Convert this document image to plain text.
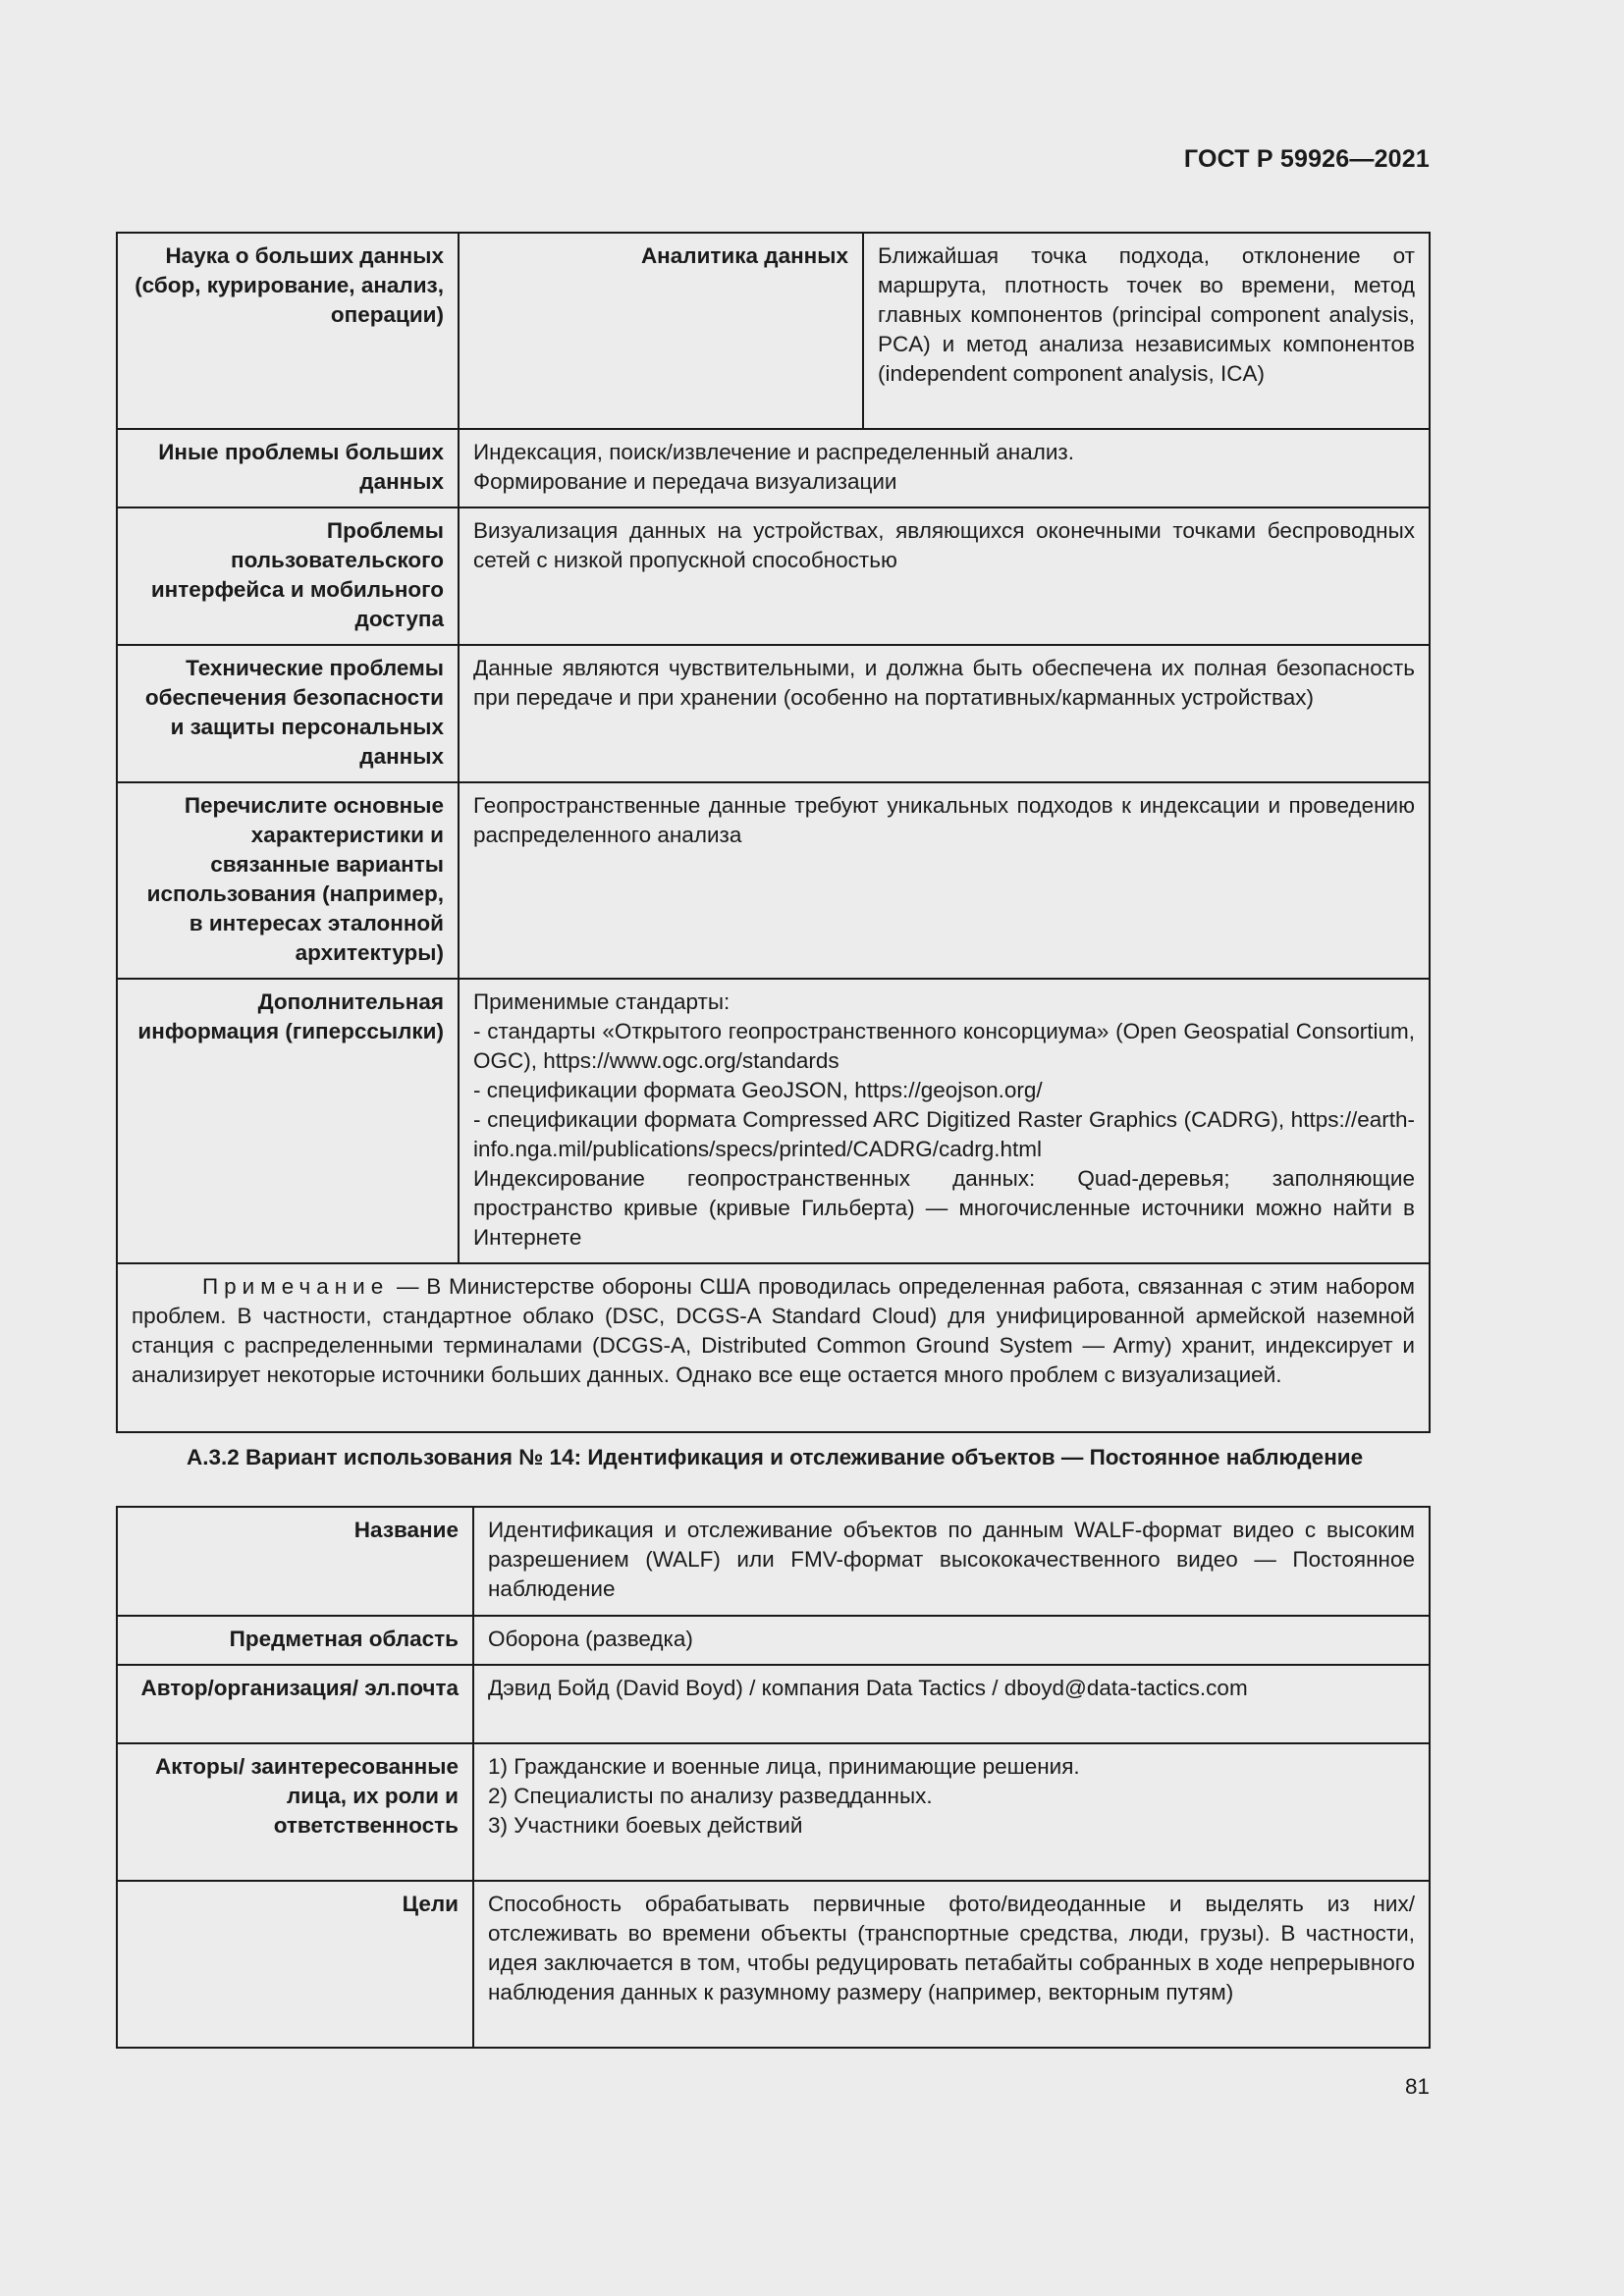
ГОСТ Р 59926—2021
Наука о больших данных (сбор, курирование, анализ, операции)	Аналитика данных	Ближайшая точка подхода, отклонение от маршрута, плотность точек во времени, метод главных компонентов (principal component analysis, PCA) и метод анализа независимых компонентов (independent component analysis, ICA)
Иные проблемы больших данных	Индексация, поиск/извлечение и распределенный анализ.
Формирование и передача визуализации	

Проблемы пользовательского интерфейса и мобильного доступа	Визуализация данных на устройствах, являющихся оконечными точками беспроводных сетей с низкой пропускной способностью	
Технические проблемы обеспечения безопасности и защиты персональных данных	Данные являются чувствительными, и должна быть обеспечена их полная безопасность при передаче и при хранении (особенно на портативных/карманных устройствах)	
Перечислите основные характеристики и связанные варианты использования (например, в интересах эталонной архитектуры)	Геопространственные данные требуют уникальных подходов к индексации и проведению распределенного анализа	
Дополнительная информация (гиперссылки)	Применимые стандарты:
- стандарты «Открытого геопространственного консорциума» (Open Geospatial Consortium, OGC), https://www.ogc.org/standards
- спецификации формата GeoJSON, https://geojson.org/
- спецификации формата Compressed ARC Digitized Raster Graphics (CADRG), https://earth-info.nga.mil/publications/specs/printed/CADRG/cadrg.html
Индексирование геопространственных данных: Quad-деревья; заполняющие пространство кривые (кривые Гильберта) — многочисленные источники можно найти в Интернете	

Примечание — В Министерстве обороны США проводилась определенная работа, связанная с этим набором проблем. В частности, стандартное облако (DSC, DCGS-A Standard Cloud) для унифицированной армейской наземной станция с распределенными терминалами (DCGS-A, Distributed Common Ground System — Army) хранит, индексирует и анализирует некоторые источники больших данных. Однако все еще остается много проблем с визуализацией.		
А.3.2 Вариант использования № 14: Идентификация и отслеживание объектов — Постоянное наблюдение
Название	Идентификация и отслеживание объектов по данным WALF-формат видео с высоким разрешением (WALF) или FMV-формат высококачественного видео — Постоянное наблюдение
Предметная область	Оборона (разведка)
Автор/организация/ эл.почта	Дэвид Бойд (David Boyd) / компания Data Tactics / dboyd@data-tactics.com
Акторы/ заинтересованные лица, их роли и ответственность	1) Гражданские и военные лица, принимающие решения.
2) Специалисты по анализу разведданных.
3) Участники боевых действий

Цели	Способность обрабатывать первичные фото/видеоданные и выделять из них/ отслеживать во времени объекты (транспортные средства, люди, грузы). В частности, идея заключается в том, чтобы редуцировать петабайты собранных в ходе непрерывного наблюдения данных к разумному размеру (например, векторным путям)
81
